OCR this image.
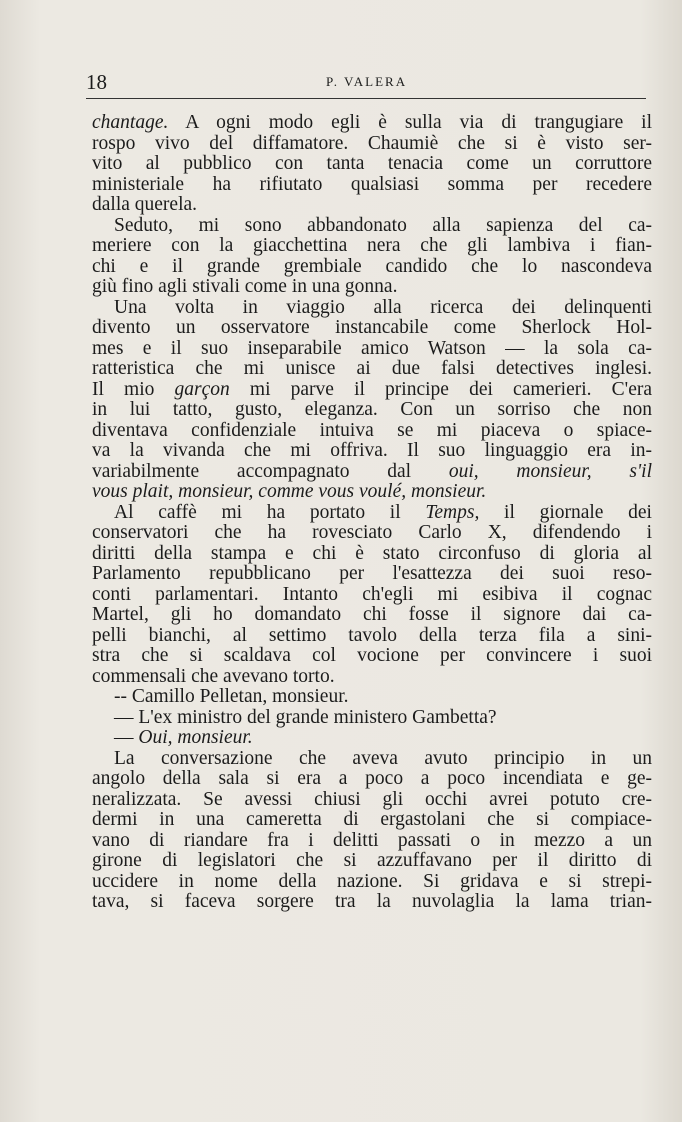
18	P. VALERA
chantage. A ogni modo egli è sulla via di trangugiare il
rospo vivo del diffamatore. Chaumiè che si è visto ser-
vito al pubblico con tanta tenacia come un corruttore
ministeriale ha rifiutato qualsiasi somma per recedere
dalla querela.
Seduto, mi sono abbandonato alla sapienza del ca-
meriere con la giacchettina nera che gli lambiva i fian-
chi e il grande grembiale candido che lo nascondeva
giù fino agli stivali come in una gonna.
Una volta in viaggio alla ricerca dei delinquenti
divento un osservatore instancabile come Sherlock Hol-
mes e il suo inseparabile amico Watson — la sola ca-
ratteristica che mi unisce ai due falsi detectives inglesi.
Il mio garçon mi parve il principe dei camerieri. C'era
in lui tatto, gusto, eleganza. Con un sorriso che non
diventava confidenziale intuiva se mi piaceva o spiace-
va la vivanda che mi offriva. Il suo linguaggio era in-
variabilmente accompagnato dal oui, monsieur, s'il
vous plait, monsieur, comme vous voulé, monsieur.
Al caffè mi ha portato il Temps, il giornale dei
conservatori che ha rovesciato Carlo X, difendendo i
diritti della stampa e chi è stato circonfuso di gloria al
Parlamento repubblicano per l'esattezza dei suoi reso-
conti parlamentari. Intanto ch'egli mi esibiva il cognac
Martel, gli ho domandato chi fosse il signore dai ca-
pelli bianchi, al settimo tavolo della terza fila a sini-
stra che si scaldava col vocione per convincere i suoi
commensali che avevano torto.
-- Camillo Pelletan, monsieur.
— L'ex ministro del grande ministero Gambetta?
— Oui, monsieur.
La conversazione che aveva avuto principio in un
angolo della sala si era a poco a poco incendiata e ge-
neralizzata. Se avessi chiusi gli occhi avrei potuto cre-
dermi in una cameretta di ergastolani che si compiace-
vano di riandare fra i delitti passati o in mezzo a un
girone di legislatori che si azzuffavano per il diritto di
uccidere in nome della nazione. Si gridava e si strepi-
tava, si faceva sorgere tra la nuvolaglia la lama trian-
